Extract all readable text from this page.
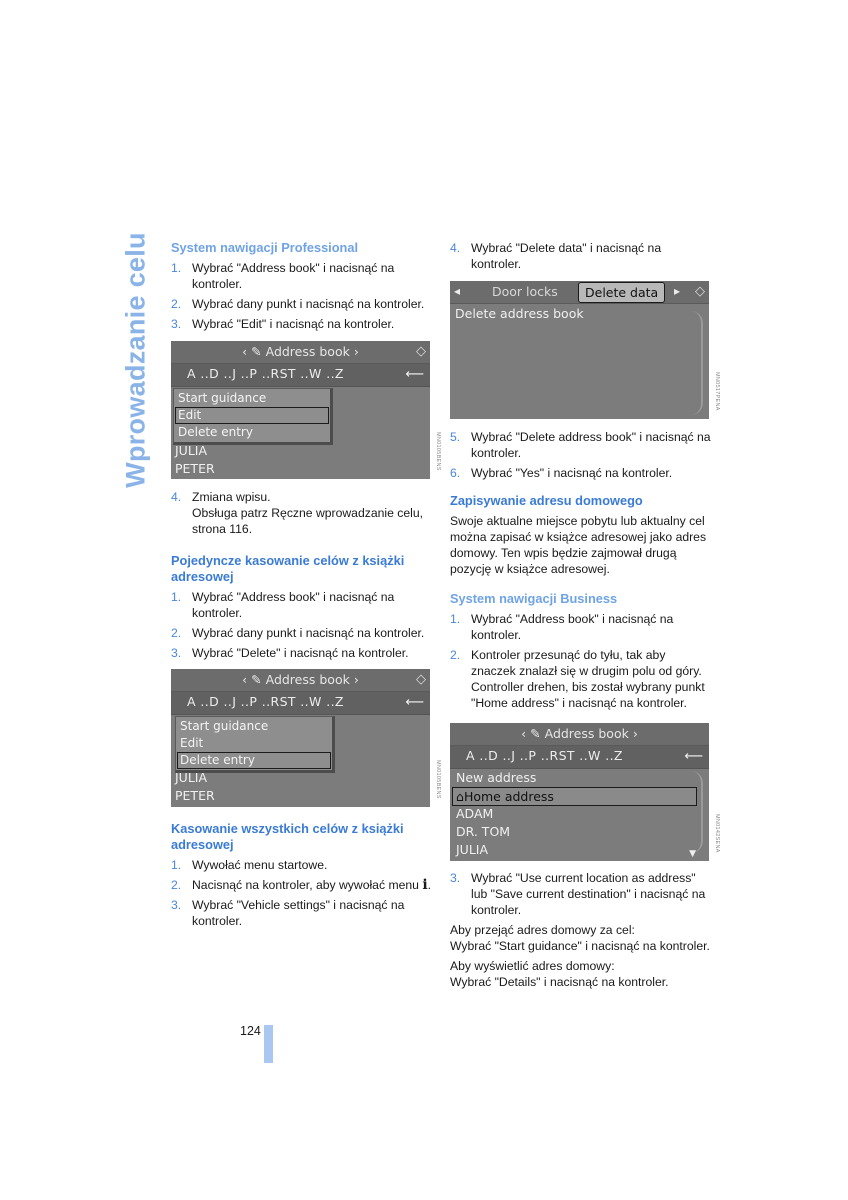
Wprowadzanie celu System nawigacji Professional
1. Wybrać "Address book" i nacisnąć na kontroler.
2. Wybrać dany punkt i nacisnąć na kontroler.
3. Wybrać "Edit" i nacisnąć na kontroler.
‹ ✎ Address book ›	◇
A ..D ..J ..P ..RST ..W ..Z	⟵
Start guidance
Edit
Delete entry
JULIA
PETER	MN0105BENS
4. Zmiana wpisu.
Obsługa patrz Ręczne wprowadzanie celu, strona 116.
Pojedyncze kasowanie celów z książki adresowej
1. Wybrać "Address book" i nacisnąć na kontroler.
2. Wybrać dany punkt i nacisnąć na kontroler.
3. Wybrać "Delete" i nacisnąć na kontroler.
‹ ✎ Address book ›	◇
A ..D ..J ..P ..RST ..W ..Z	⟵
Start guidance
Edit
Delete entry
JULIA
PETER	MN0105BENS
Kasowanie wszystkich celów z książki adresowej
1. Wywołać menu startowe.
2. Nacisnąć na kontroler, aby wywołać menu i.
3. Wybrać "Vehicle settings" i nacisnąć na kontroler.
4. Wybrać "Delete data" i nacisnąć na kontroler.
◂	Door locks	Delete data	▸ ◇
Delete address book
MN0517PENA
5. Wybrać "Delete address book" i nacisnąć na kontroler.
6. Wybrać "Yes" i nacisnąć na kontroler.
Zapisywanie adresu domowego

Swoje aktualne miejsce pobytu lub aktualny cel można zapisać w książce adresowej jako adres domowy. Ten wpis będzie zajmował drugą pozycję w książce adresowej.

System nawigacji Business
1. Wybrać "Address book" i nacisnąć na kontroler.
2. Kontroler przesunąć do tyłu, tak aby znaczek znalazł się w drugim polu od góry. Controller drehen, bis został wybrany punkt "Home address" i nacisnąć na kontroler.
‹ ✎ Address book ›
A ..D ..J ..P ..RST ..W ..Z	⟵
New address
⌂Home address
ADAM
DR. TOM
JULIA	▼
MN0142SENA
3. Wybrać "Use current location as address" lub "Save current destination" i nacisnąć na kontroler.

Aby przejąć adres domowy za cel:

Wybrać "Start guidance" i nacisnąć na kontroler.

Aby wyświetlić adres domowy:

Wybrać "Details" i nacisnąć na kontroler.

124
